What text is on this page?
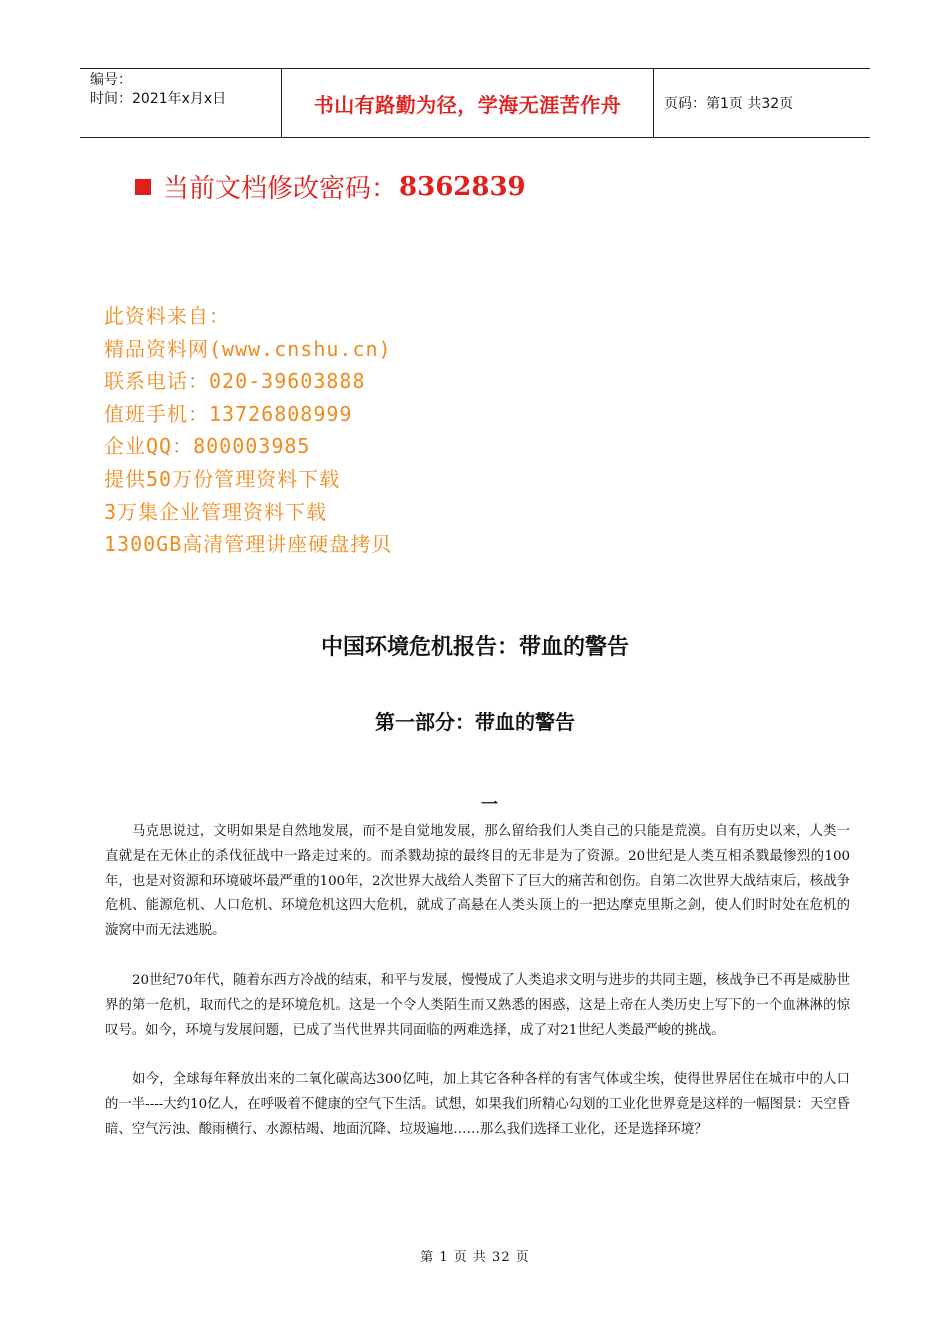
编号：
时间：2021年x月x日	书山有路勤为径，学海无涯苦作舟	页码：第1页 共32页
当前文档修改密码： 8362839
此资料来自：
精品资料网(www.cnshu.cn)
联系电话：020-39603888
值班手机：13726808999
企业QQ：800003985
提供50万份管理资料下载
3万集企业管理资料下载
1300GB高清管理讲座硬盘拷贝
中国环境危机报告：带血的警告
第一部分：带血的警告
一

马克思说过，文明如果是自然地发展，而不是自觉地发展，那么留给我们人类自己的只能是荒漠。自有历史以来，人类一直就是在无休止的杀伐征战中一路走过来的。而杀戮劫掠的最终目的无非是为了资源。20世纪是人类互相杀戮最惨烈的100年，也是对资源和环境破坏最严重的100年，2次世界大战给人类留下了巨大的痛苦和创伤。自第二次世界大战结束后，核战争危机、能源危机、人口危机、环境危机这四大危机，就成了高悬在人类头顶上的一把达摩克里斯之剑，使人们时时处在危机的漩窝中而无法逃脱。

20世纪70年代，随着东西方冷战的结束，和平与发展，慢慢成了人类追求文明与进步的共同主题，核战争已不再是威胁世界的第一危机，取而代之的是环境危机。这是一个令人类陌生而又熟悉的困惑，这是上帝在人类历史上写下的一个血淋淋的惊叹号。如今，环境与发展问题，已成了当代世界共同面临的两难选择，成了对21世纪人类最严峻的挑战。

如今，全球每年释放出来的二氧化碳高达300亿吨，加上其它各种各样的有害气体或尘埃，使得世界居住在城市中的人口的一半----大约10亿人，在呼吸着不健康的空气下生活。试想，如果我们所精心勾划的工业化世界竟是这样的一幅图景：天空昏暗、空气污浊、酸雨横行、水源枯竭、地面沉降、垃圾遍地……那么我们选择工业化，还是选择环境？

第 1 页 共 32 页
